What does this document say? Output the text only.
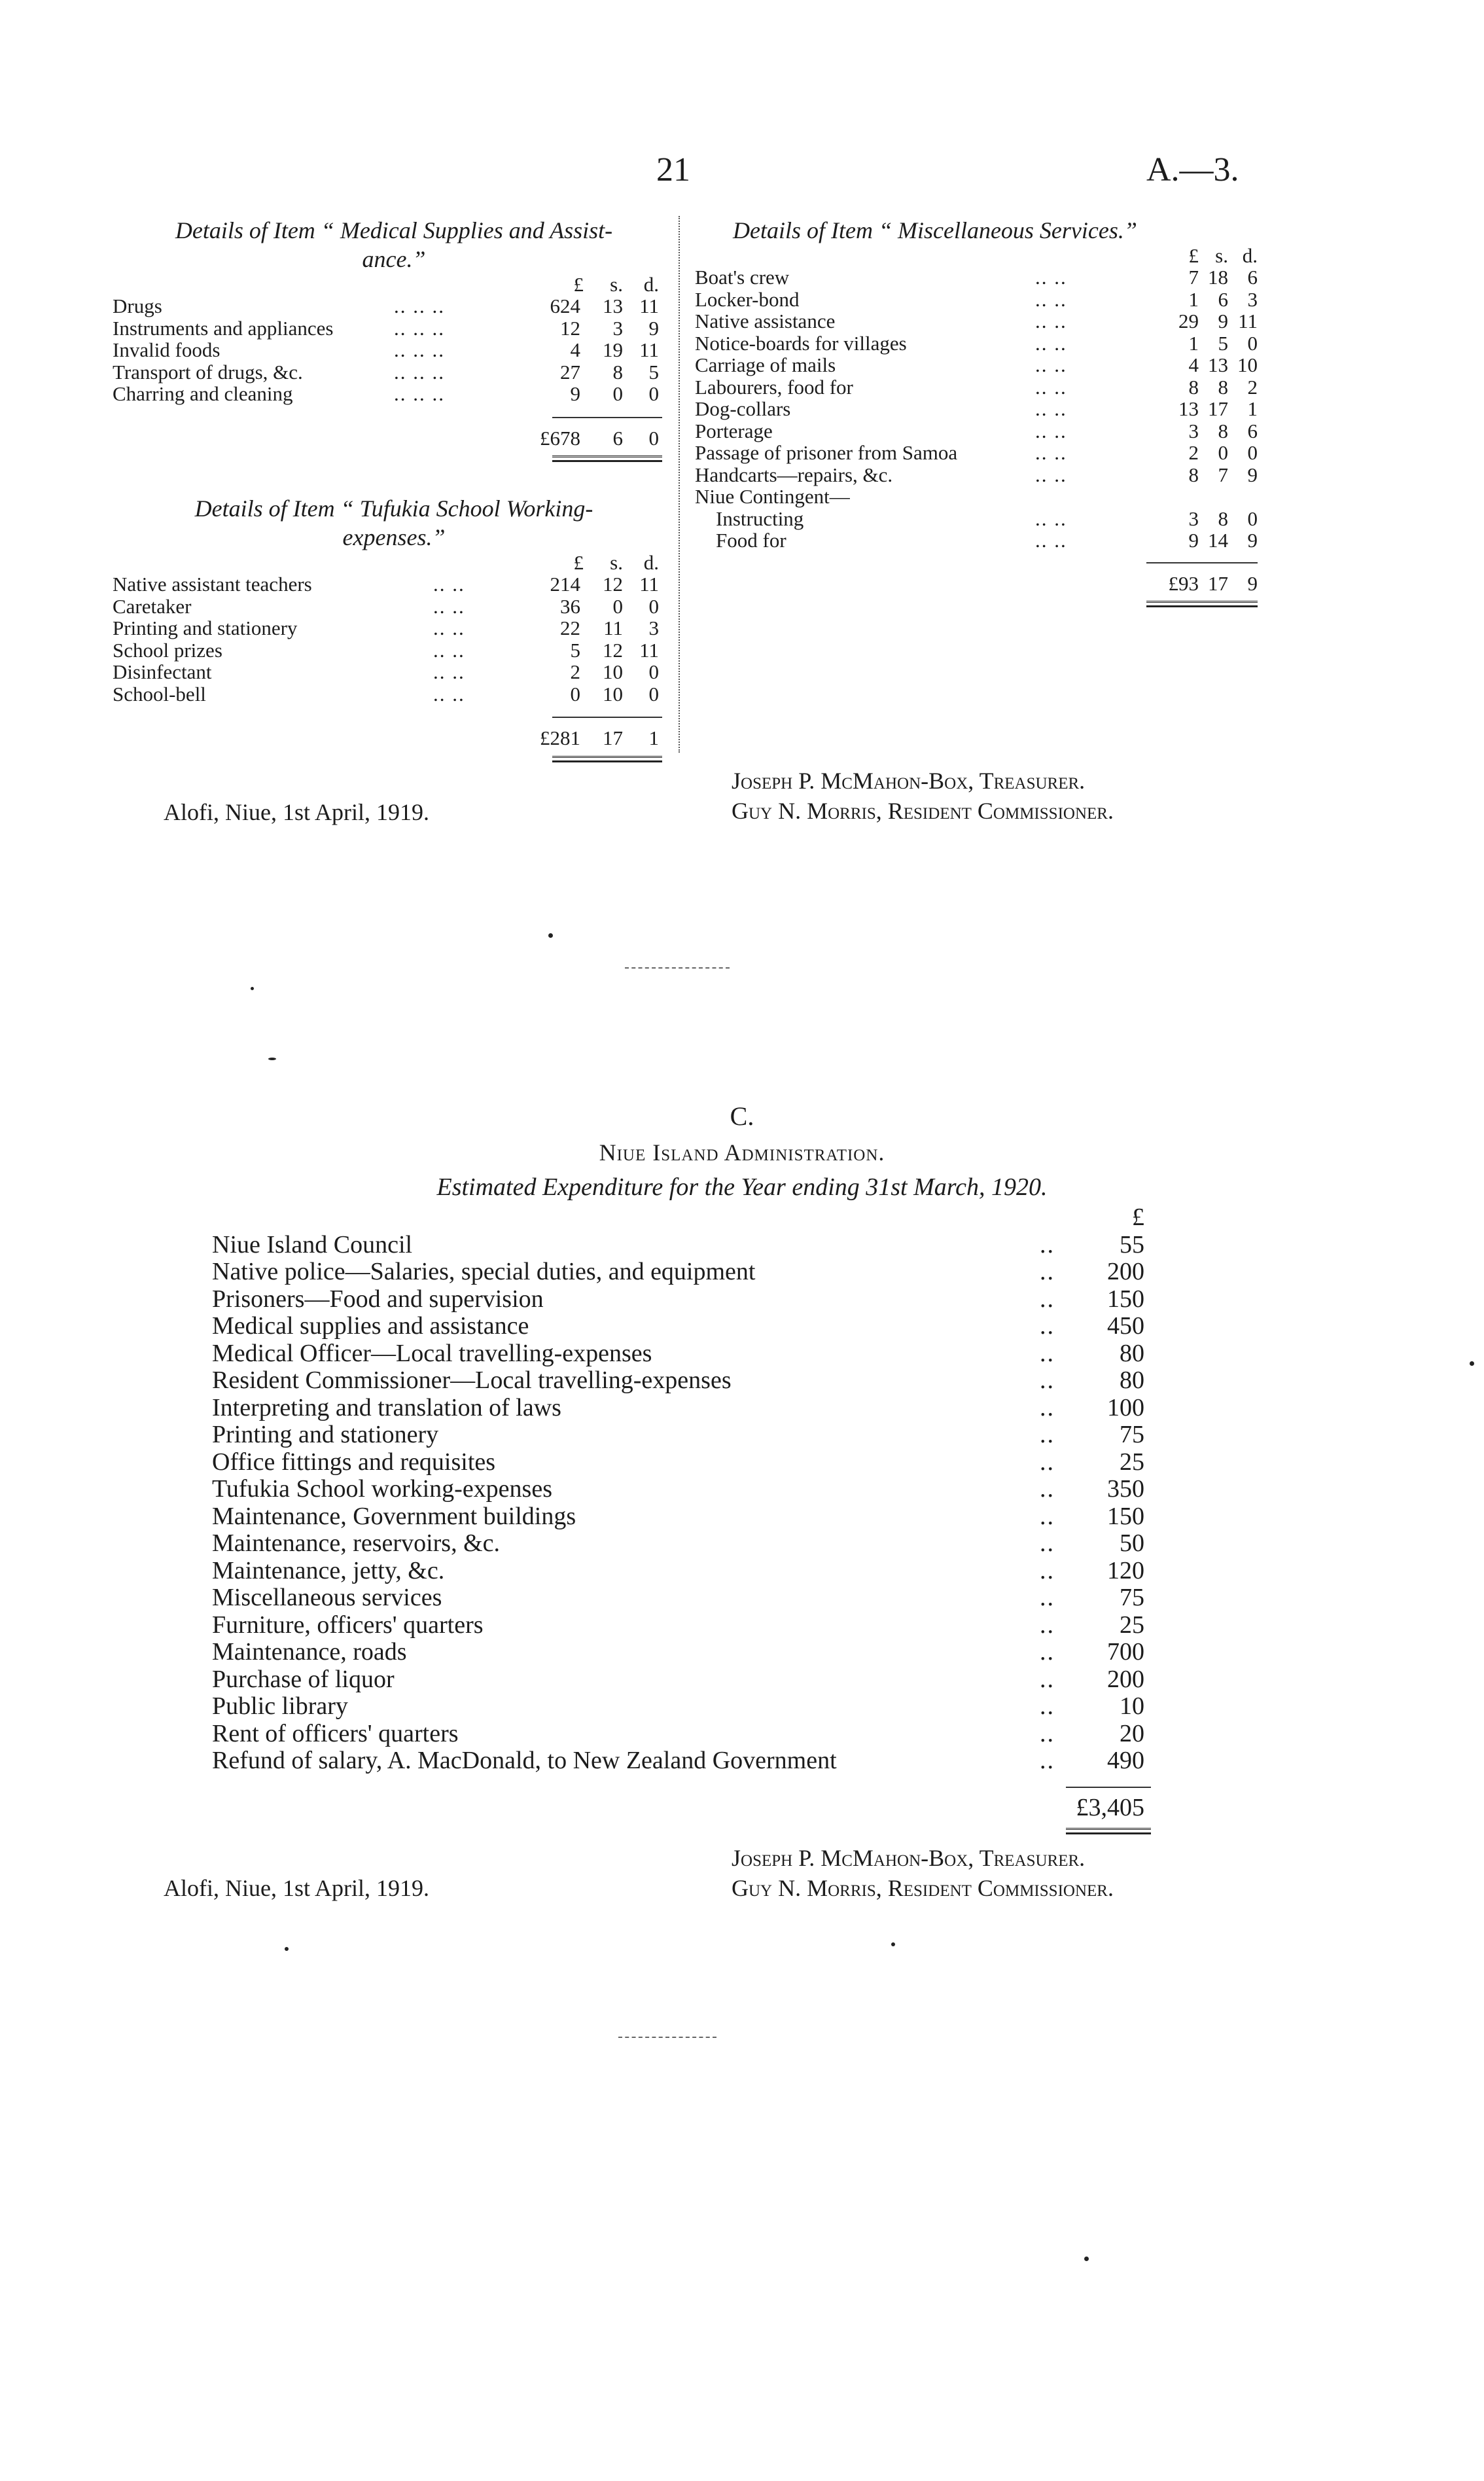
21	A.—3.
Details of Item “ Medical Supplies and Assist-
ance.”
£	s.	d.
Drugs	.. .. ..	624	13 11
Instruments and appliances	.. .. ..	12	3	9
Invalid foods	.. .. ..	4	19 11
Transport of drugs, &c.	.. .. ..	27	8	5
Charring and cleaning	.. .. ..	9	0	0
£678	6	0
Details of Item “ Tufukia School Working-
expenses.”
£	s.	d.
Native assistant teachers	.. ..	214	12 11
Caretaker	.. ..	36	0	0
Printing and stationery	.. ..	22	11	3
School prizes	.. ..	5	12 11
Disinfectant	.. ..	2	10	0
School-bell	.. ..	0	10	0
£281	17	1
Details of Item “ Miscellaneous Services.”
£ s. d.
Boat's crew	.. ..	7 18 6
Locker-bond	.. ..	1 6 3
Native assistance	.. ..	29 9 11
Notice-boards for villages	.. ..	1 5 0
Carriage of mails	.. ..	4 13 10
Labourers, food for	.. ..	8 8 2
Dog-collars	.. ..	13 17 1
Porterage	.. ..	3 8 6
Passage of prisoner from Samoa	.. ..	2 0 0
Handcarts—repairs, &c.	.. ..	8 7 9
Niue Contingent—
Instructing	.. ..	3 8 0
Food for	.. ..	9 14 9
£93 17 9
Alofi, Niue, 1st April, 1919.
Joseph P. McMahon-Box, Treasurer.
Guy N. Morris, Resident Commissioner.
C.
Niue Island Administration.
Estimated Expenditure for the Year ending 31st March, 1920.
£
Niue Island Council	..	55
Native police—Salaries, special duties, and equipment	..	200
Prisoners—Food and supervision	..	150
Medical supplies and assistance	..	450
Medical Officer—Local travelling-expenses	..	80
Resident Commissioner—Local travelling-expenses	..	80
Interpreting and translation of laws	..	100
Printing and stationery	..	75
Office fittings and requisites	..	25
Tufukia School working-expenses	..	350
Maintenance, Government buildings	..	150
Maintenance, reservoirs, &c.	..	50
Maintenance, jetty, &c.	..	120
Miscellaneous services	..	75
Furniture, officers' quarters	..	25
Maintenance, roads	..	700
Purchase of liquor	..	200
Public library	..	10
Rent of officers' quarters	..	20
Refund of salary, A. MacDonald, to New Zealand Government	..	490
£3,405
Alofi, Niue, 1st April, 1919.
Joseph P. McMahon-Box, Treasurer.
Guy N. Morris, Resident Commissioner.
